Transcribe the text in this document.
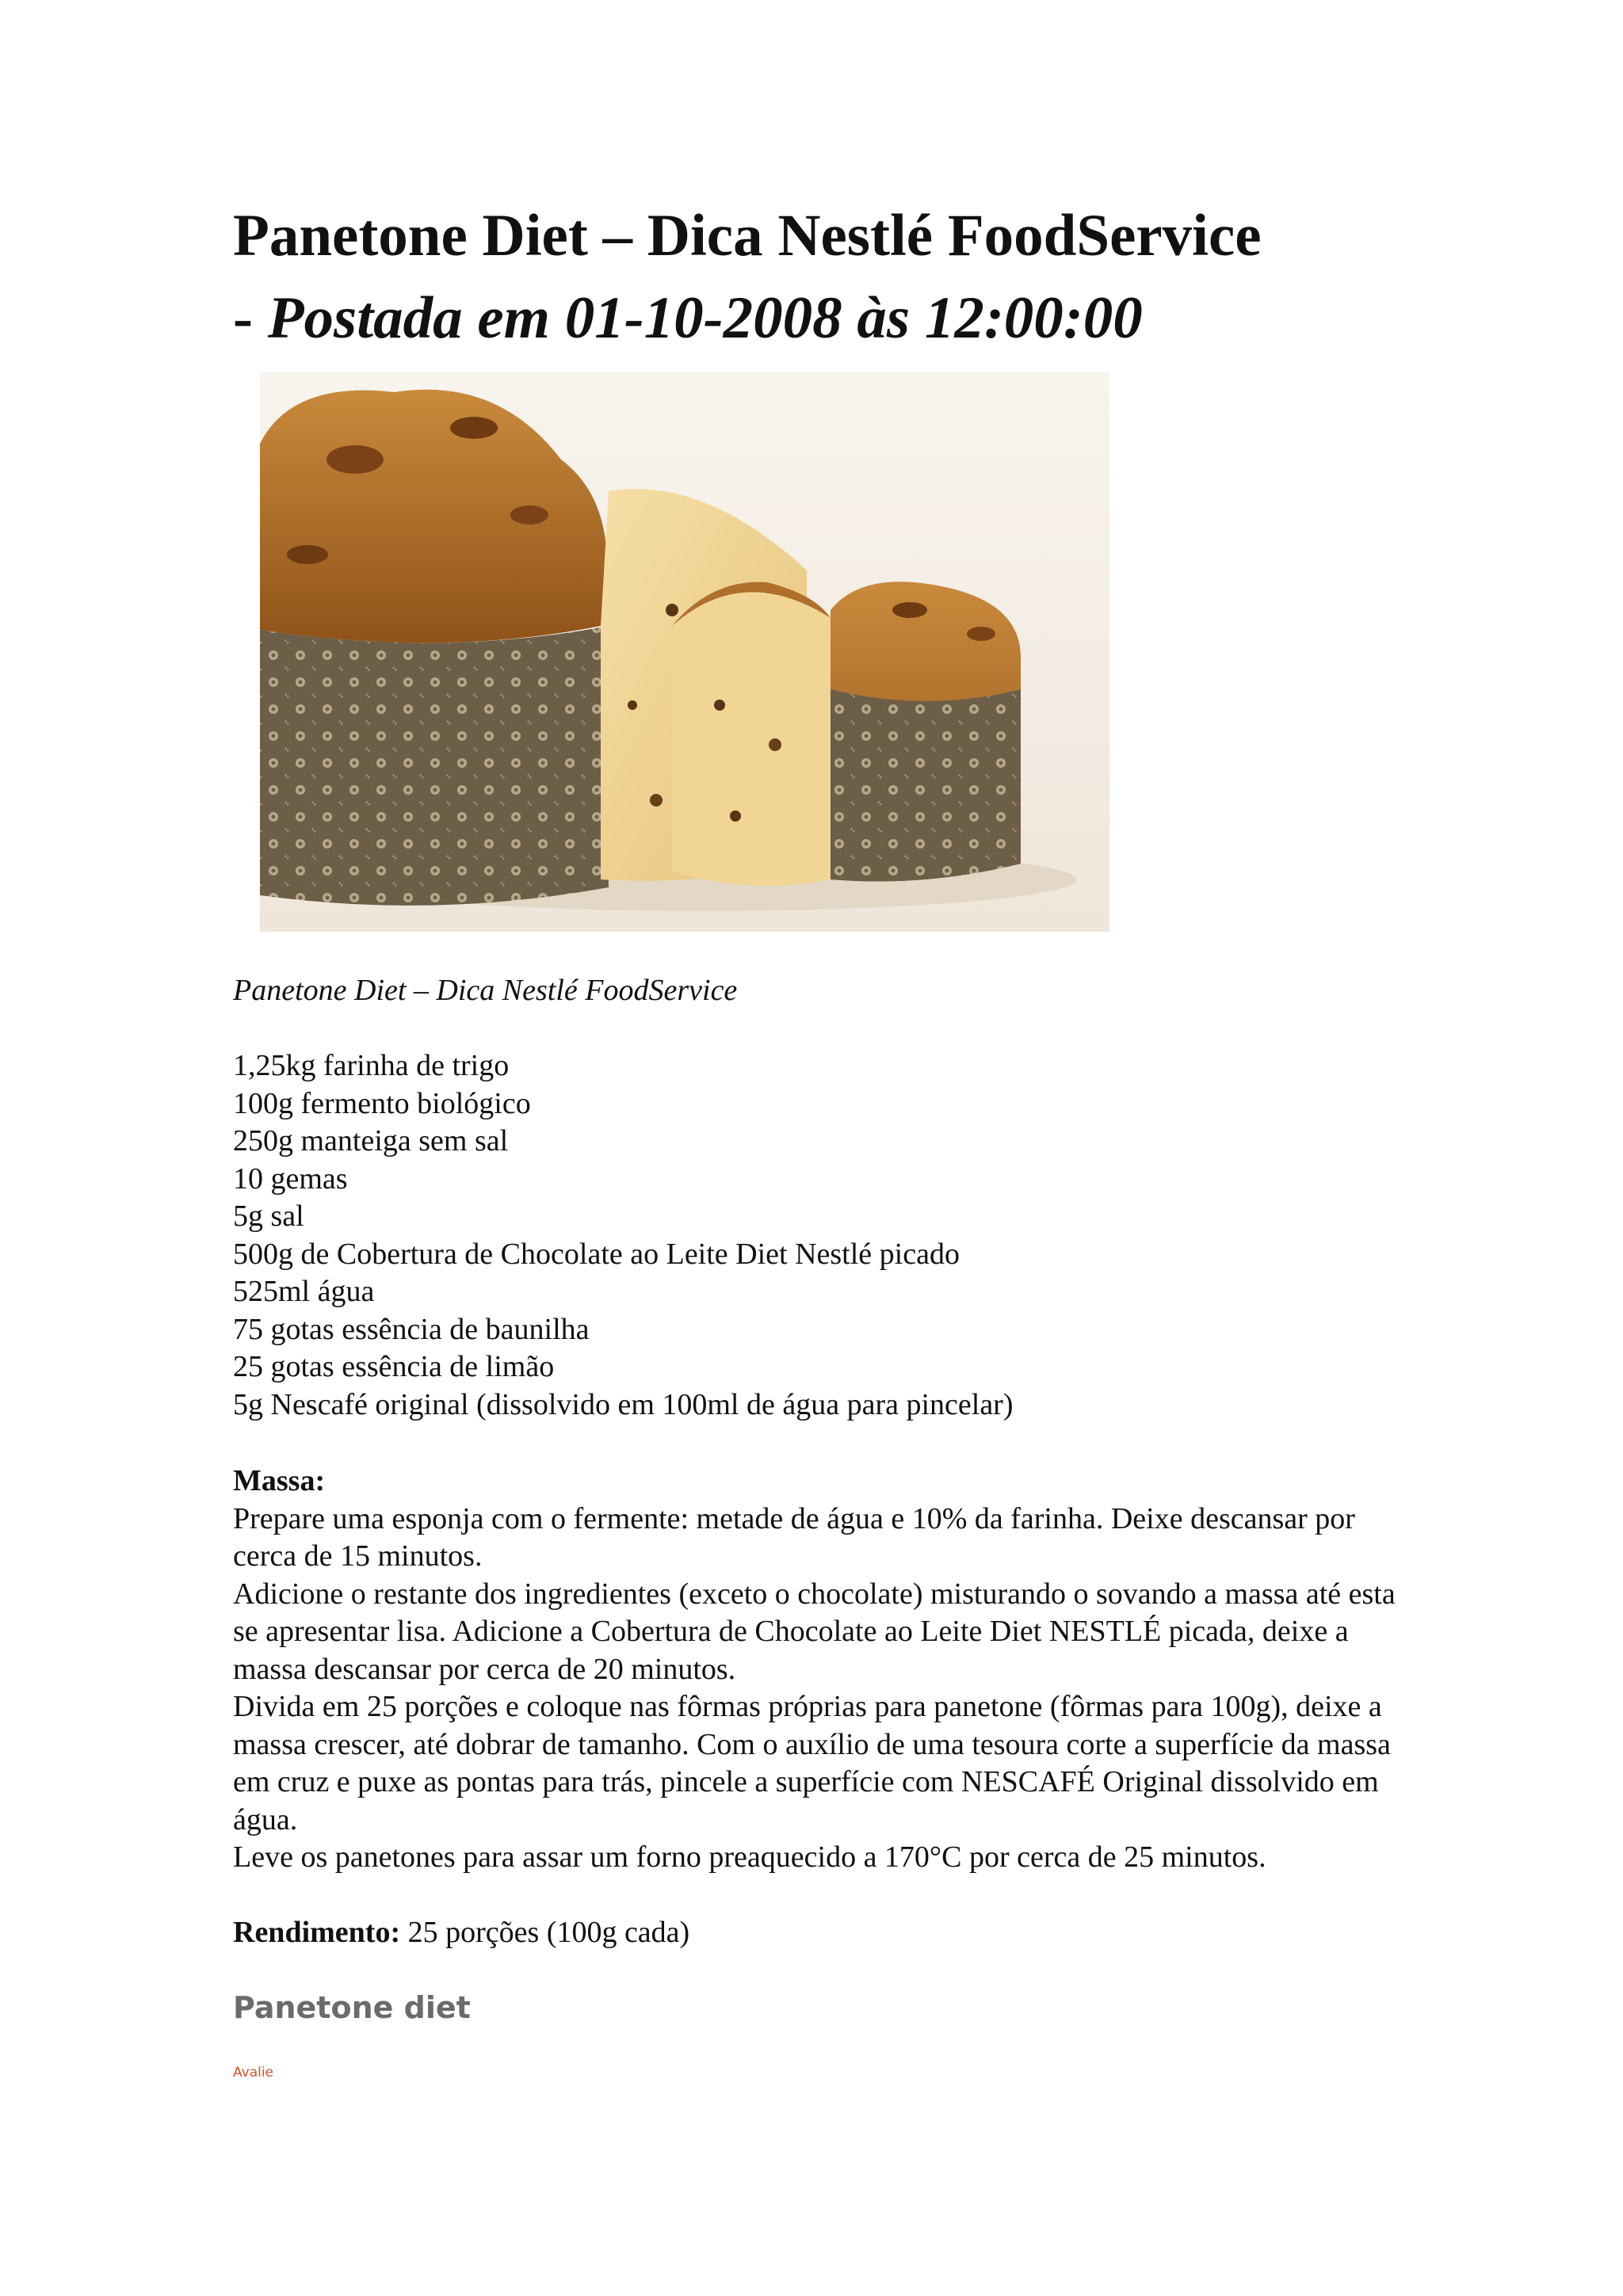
Panetone Diet – Dica Nestlé FoodService
- Postada em 01-10-2008 às 12:00:00
Panetone Diet – Dica Nestlé FoodService
1,25kg farinha de trigo
100g fermento biológico
250g manteiga sem sal
10 gemas
5g sal
500g de Cobertura de Chocolate ao Leite Diet Nestlé picado
525ml água
75 gotas essência de baunilha
25 gotas essência de limão
5g Nescafé original (dissolvido em 100ml de água para pincelar)
Massa:
Prepare uma esponja com o fermente: metade de água e 10% da farinha. Deixe descansar por cerca de 15 minutos.
Adicione o restante dos ingredientes (exceto o chocolate) misturando o sovando a massa até esta se apresentar lisa. Adicione a Cobertura de Chocolate ao Leite Diet NESTLÉ picada, deixe a massa descansar por cerca de 20 minutos.
Divida em 25 porções e coloque nas fôrmas próprias para panetone (fôrmas para 100g), deixe a massa crescer, até dobrar de tamanho. Com o auxílio de uma tesoura corte a superfície da massa em cruz e puxe as pontas para trás, pincele a superfície com NESCAFÉ Original dissolvido em água.
Leve os panetones para assar um forno preaquecido a 170°C por cerca de 25 minutos.
Rendimento: 25 porções (100g cada)
Panetone diet
Avalie
